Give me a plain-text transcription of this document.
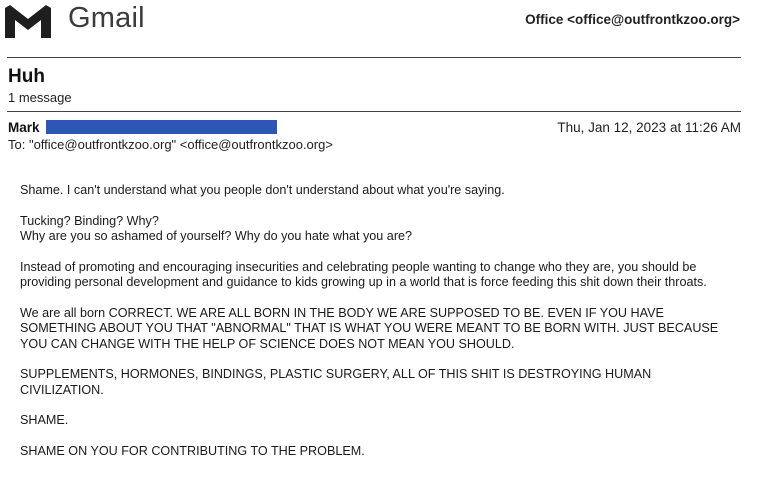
Gmail	Office <office@outfrontkzoo.org>
Huh
1 message
Mark	Thu, Jan 12, 2023 at 11:26 AM
To: "office@outfrontkzoo.org" <office@outfrontkzoo.org>

Shame. I can't understand what you people don't understand about what you're saying.

Tucking? Binding? Why?
Why are you so ashamed of yourself? Why do you hate what you are?

Instead of promoting and encouraging insecurities and celebrating people wanting to change who they are, you should be providing personal development and guidance to kids growing up in a world that is force feeding this shit down their throats.

We are all born CORRECT. WE ARE ALL BORN IN THE BODY WE ARE SUPPOSED TO BE. EVEN IF YOU HAVE SOMETHING ABOUT YOU THAT "ABNORMAL" THAT IS WHAT YOU WERE MEANT TO BE BORN WITH. JUST BECAUSE YOU CAN CHANGE WITH THE HELP OF SCIENCE DOES NOT MEAN YOU SHOULD.

SUPPLEMENTS, HORMONES, BINDINGS, PLASTIC SURGERY, ALL OF THIS SHIT IS DESTROYING HUMAN CIVILIZATION.

SHAME.

SHAME ON YOU FOR CONTRIBUTING TO THE PROBLEM.
